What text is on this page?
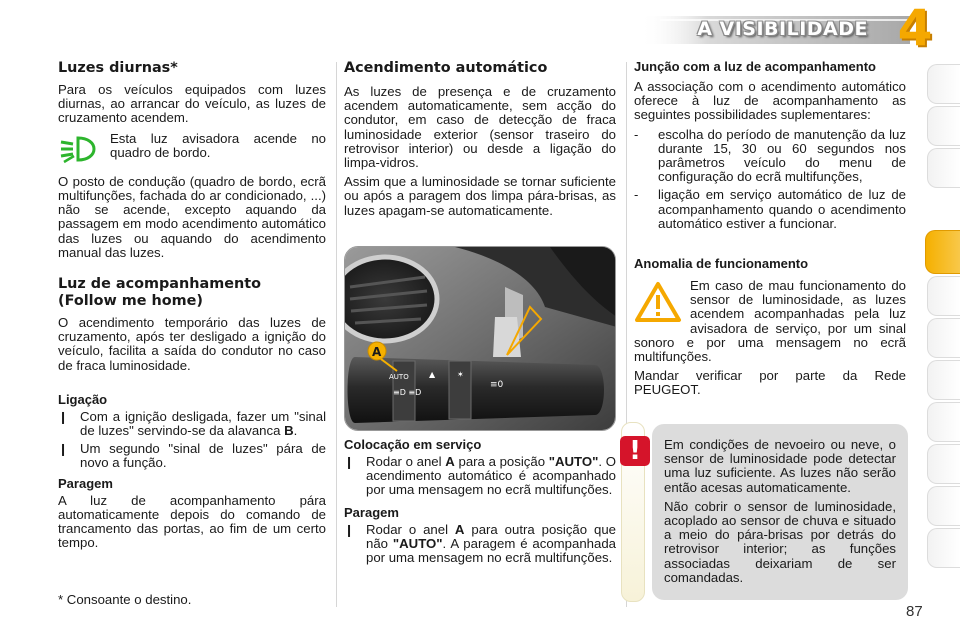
A VISIBILIDADE 4
Luzes diurnas*

Para os veículos equipados com luzes diurnas, ao arrancar do veículo, as luzes de cruzamento acendem.

Esta luz avisadora acende no quadro de bordo.

O posto de condução (quadro de bordo, ecrã multifunções, fachada do ar condicionado, ...) não se acende, excepto aquando da passagem em modo acendimento automático das luzes ou aquando do acendimento manual das luzes.

Luz de acompanhamento
(Follow me home)

O acendimento temporário das luzes de cruzamento, após ter desligado a ignição do veículo, facilita a saída do condutor no caso de fraca luminosidade.

Ligação
❙ Com a ignição desligada, fazer um "sinal de luzes" servindo-se da alavanca B.
❙ Um segundo "sinal de luzes" pára de novo a função.
Paragem

A luz de acompanhamento pára automaticamente depois do comando de trancamento das portas, ao fim de um certo tempo.

* Consoante o destino.
Acendimento automático

As luzes de presença e de cruzamento acendem automaticamente, sem acção do condutor, em caso de detecção de fraca luminosidade exterior (sensor traseiro do retrovisor interior) ou desde a ligação do limpa-vidros.

Assim que a luminosidade se tornar suficiente ou após a paragem dos limpa pára-brisas, as luzes apagam-se automaticamente.

AUTO
≡D ≡D
▲	✶
≡0
A
Colocação em serviço
❙ Rodar o anel A para a posição "AUTO". O acendimento automático é acompanhado por uma mensagem no ecrã multifunções.
Paragem
❙ Rodar o anel A para outra posição que não "AUTO". A paragem é acompanhada por uma mensagem no ecrã multifunções.
Junção com a luz de acompanhamento

A associação com o acendimento automático oferece à luz de acompanhamento as seguintes possibilidades suplementares:

-	escolha do período de manutenção da luz durante 15, 30 ou 60 segundos nos parâmetros veículo do menu de configuração do ecrã multifunções,
-	ligação em serviço automático de luz de acompanhamento quando o acendimento automático estiver a funcionar.
Anomalia de funcionamento

Em caso de mau funcionamento do sensor de luminosidade, as luzes acendem acompanhadas pela luz avisadora de serviço, por um sinal sonoro e por uma mensagem no ecrã multifunções.

Mandar verificar por parte da Rede PEUGEOT.

!	Em condições de nevoeiro ou neve, o sensor de luminosidade pode detectar uma luz suficiente. As luzes não serão então acesas automaticamente.

Não cobrir o sensor de luminosidade, acoplado ao sensor de chuva e situado a meio do pára-brisas por detrás do retrovisor interior; as funções associadas deixariam de ser comandadas.

87
